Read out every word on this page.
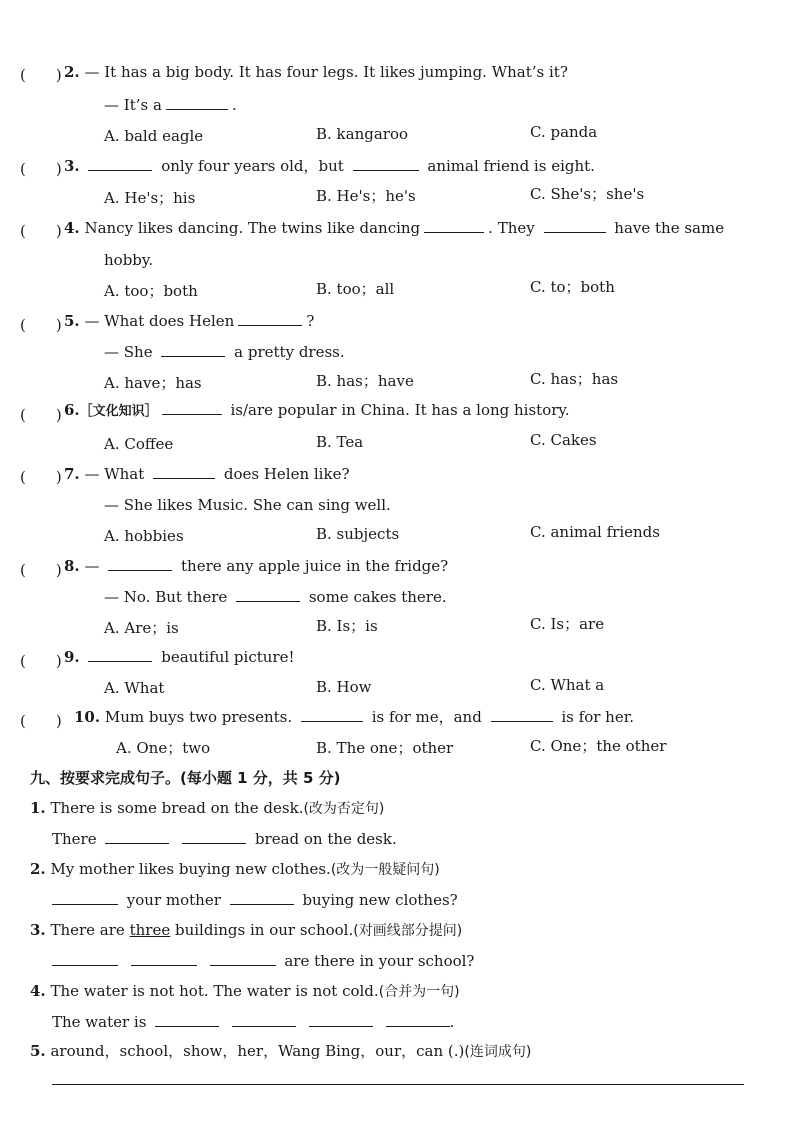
(　　) 2. — It has a big body. It has four legs. It likes jumping. What’s it?
— It’s a	.
A. bald eagle	B. kangaroo	C. panda
(　　) 3.	only four years old，but	animal friend is eight.
A. He's；his	B. He's；he's	C. She's；she's
(　　) 4. Nancy likes dancing. The twins like dancing	. They	have the same
hobby.
A. too；both	B. too；all	C. to；both
(　　) 5. — What does Helen	?
— She	a pretty dress.
A. have；has	B. has；have	C. has；has
(　　) 6.［文化知识］	is/are popular in China. It has a long history.
A. Coffee	B. Tea	C. Cakes
(　　) 7. — What	does Helen like?
— She likes Music. She can sing well.
A. hobbies	B. subjects	C. animal friends
(　　) 8. —	there any apple juice in the fridge?
— No. But there	some cakes there.
A. Are；is	B. Is；is	C. Is；are
(　　) 9.	beautiful picture!
A. What	B. How	C. What a
(　　) 10. Mum buys two presents.	is for me，and	is for her.
A. One；two	B. The one；other	C. One；the other
九、按要求完成句子。(每小题 1 分，共 5 分)
1. There is some bread on the desk.(改为否定句)
There	bread on the desk.
2. My mother likes buying new clothes.(改为一般疑问句)
your mother	buying new clothes?
3. There are three buildings in our school.(对画线部分提问)
are there in your school?
4. The water is not hot. The water is not cold.(合并为一句)
The water is	.
5. around，school，show，her，Wang Bing，our，can (.)(连词成句)
